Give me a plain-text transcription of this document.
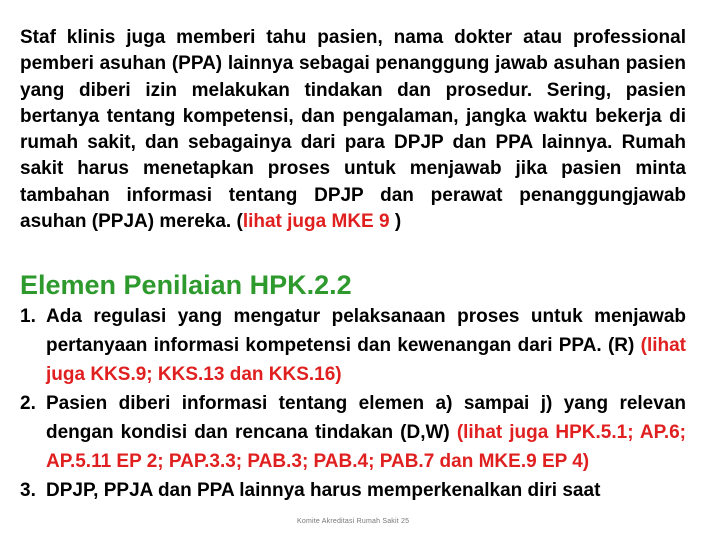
Staf klinis juga memberi tahu pasien, nama dokter atau professional pemberi asuhan (PPA) lainnya sebagai penanggung jawab asuhan pasien yang diberi izin melakukan tindakan dan prosedur. Sering, pasien bertanya tentang kompetensi, dan pengalaman, jangka waktu bekerja di rumah sakit, dan sebagainya dari para DPJP dan PPA lainnya. Rumah sakit harus menetapkan proses untuk menjawab jika pasien minta tambahan informasi tentang DPJP dan perawat penanggungjawab asuhan (PPJA) mereka. (lihat juga MKE 9 )

Elemen Penilaian HPK.2.2
1. Ada regulasi yang mengatur pelaksanaan proses untuk menjawab pertanyaan informasi kompetensi dan kewenangan dari PPA. (R) (lihat juga KKS.9; KKS.13 dan KKS.16)
2. Pasien diberi informasi tentang elemen a) sampai j) yang relevan dengan kondisi dan rencana tindakan (D,W) (lihat juga HPK.5.1; AP.6; AP.5.11 EP 2; PAP.3.3; PAB.3; PAB.4; PAB.7 dan MKE.9 EP 4)
3. DPJP, PPJA dan PPA lainnya harus memperkenalkan diri saat
Komite Akreditasi Rumah Sakit 25
